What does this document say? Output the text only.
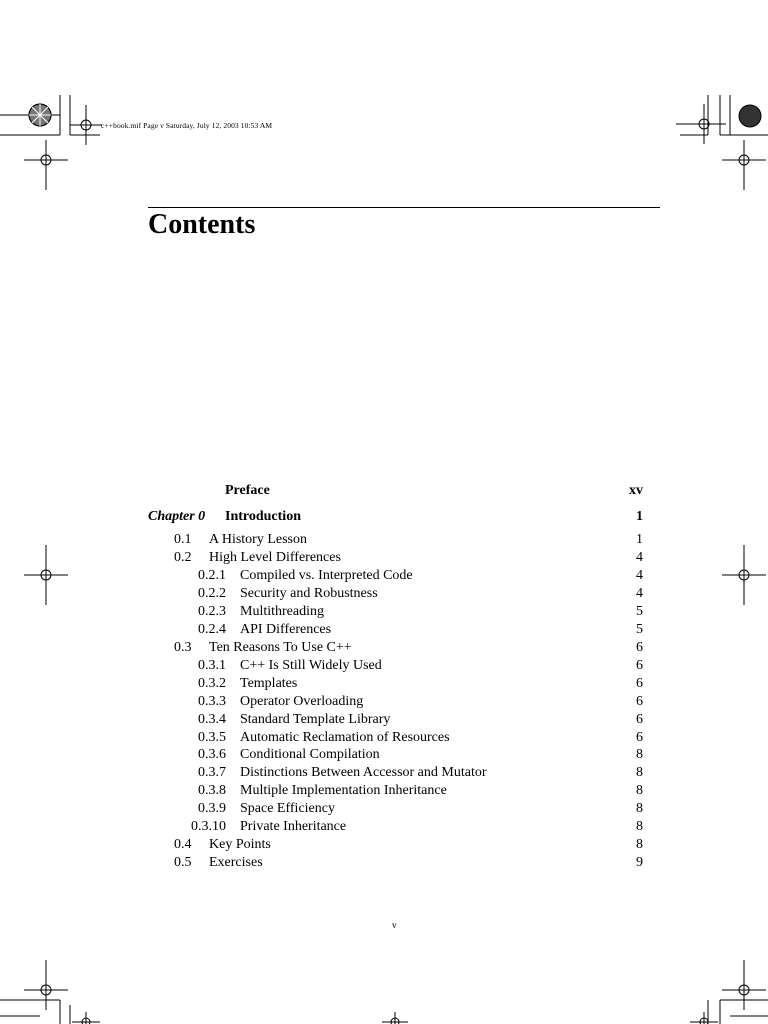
c++book.mif Page v Saturday, July 12, 2003 10:53 AM
Contents
Preface	xv
Chapter 0 Introduction	1
0.1 A History Lesson	1
0.2 High Level Differences	4
0.2.1 Compiled vs. Interpreted Code	4
0.2.2 Security and Robustness	4
0.2.3 Multithreading	5
0.2.4 API Differences	5
0.3 Ten Reasons To Use C++	6
0.3.1 C++ Is Still Widely Used	6
0.3.2 Templates	6
0.3.3 Operator Overloading	6
0.3.4 Standard Template Library	6
0.3.5 Automatic Reclamation of Resources	6
0.3.6 Conditional Compilation	8
0.3.7 Distinctions Between Accessor and Mutator	8
0.3.8 Multiple Implementation Inheritance	8
0.3.9 Space Efficiency	8
0.3.10 Private Inheritance	8
0.4 Key Points	8
0.5 Exercises	9
v
